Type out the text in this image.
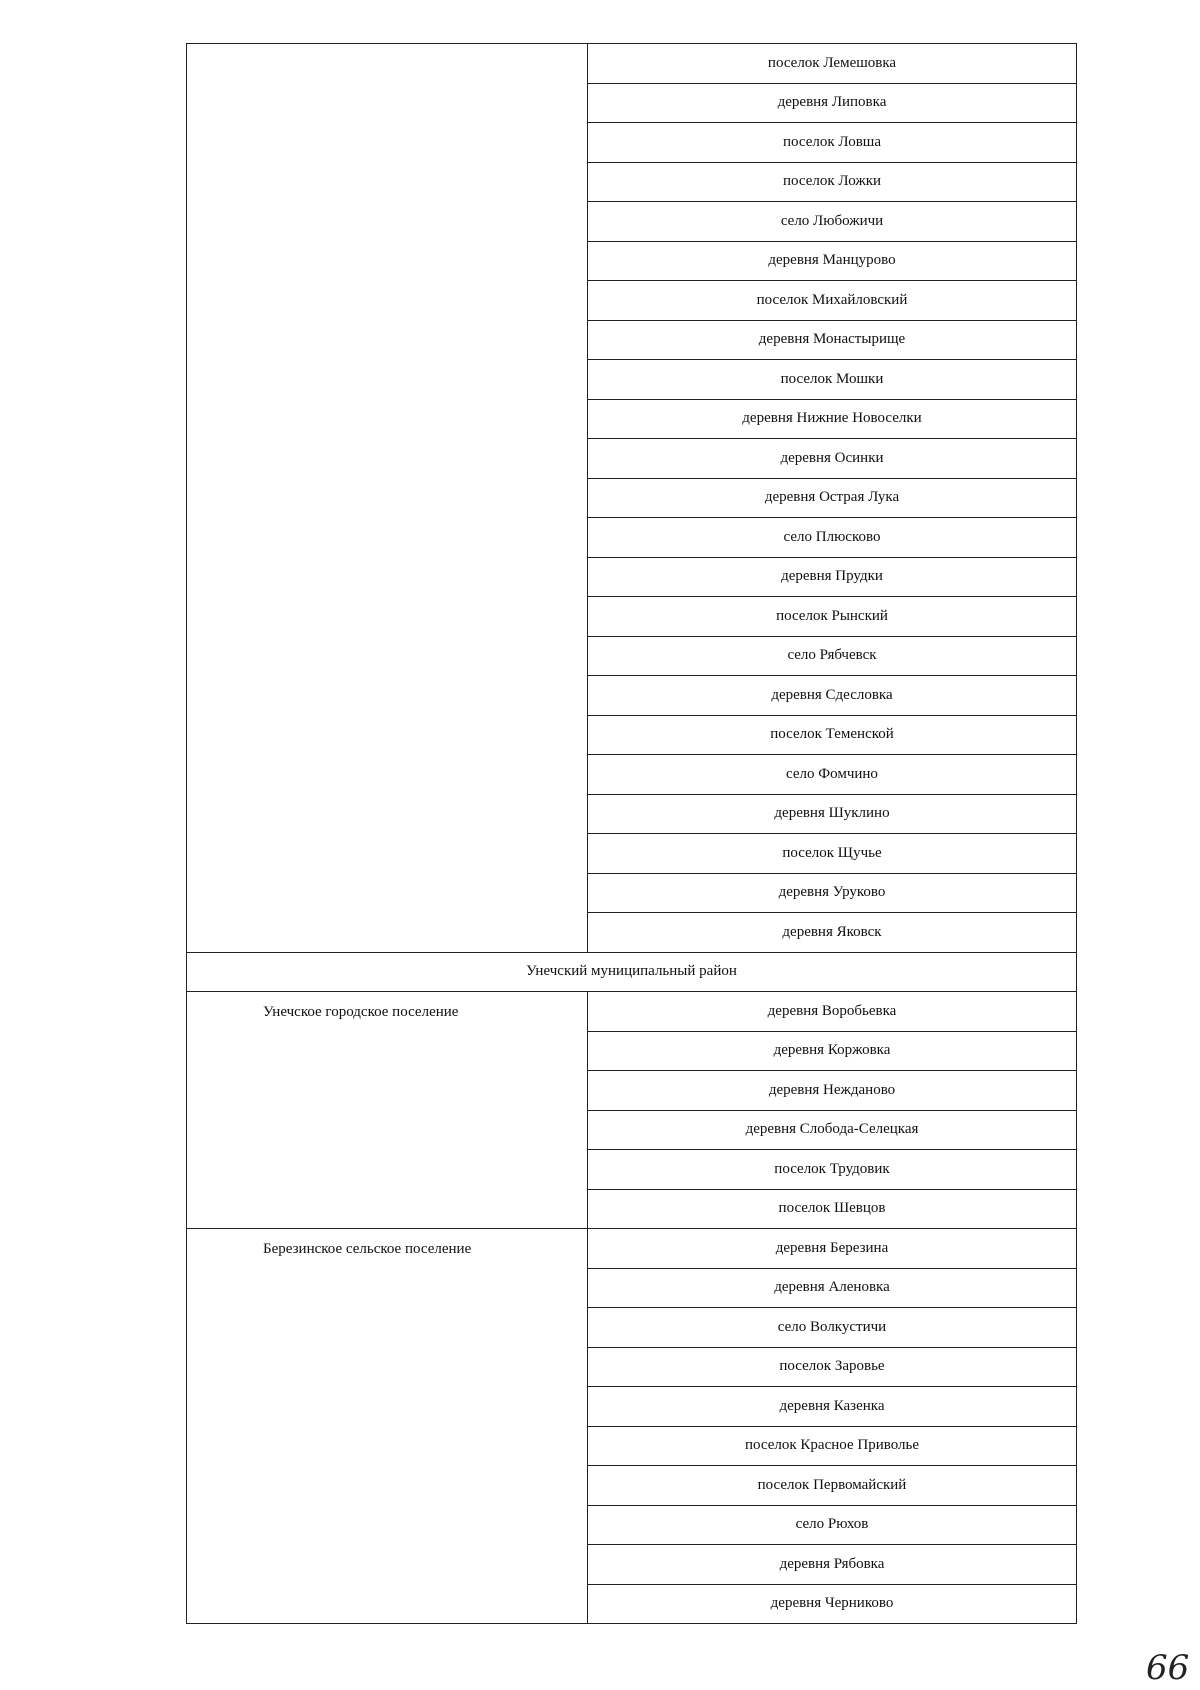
	поселок Лемешовка
	деревня Липовка
	поселок Ловша
	поселок Ложки
	село Любожичи
	деревня Манцурово
	поселок Михайловский
	деревня Монастырище
	поселок Мошки
	деревня Нижние Новоселки
	деревня Осинки
	деревня Острая Лука
	село Плюсково
	деревня Прудки
	поселок Рынский
	село Рябчевск
	деревня Сдесловка
	поселок Теменской
	село Фомчино
	деревня Шуклино
	поселок Щучье
	деревня Уруково
	деревня Яковск
Унечский муниципальный район	

Унечское городское поселение	деревня Воробьевка
	деревня Коржовка
	деревня Нежданово
	деревня Слобода-Селецкая
	поселок Трудовик
	поселок Шевцов

Березинское сельское поселение	деревня Березина
	деревня Аленовка
	село Волкустичи
	поселок Заровье
	деревня Казенка
	поселок Красное Приволье
	поселок Первомайский
	село Рюхов
	деревня Рябовка
	деревня Черниково
66
